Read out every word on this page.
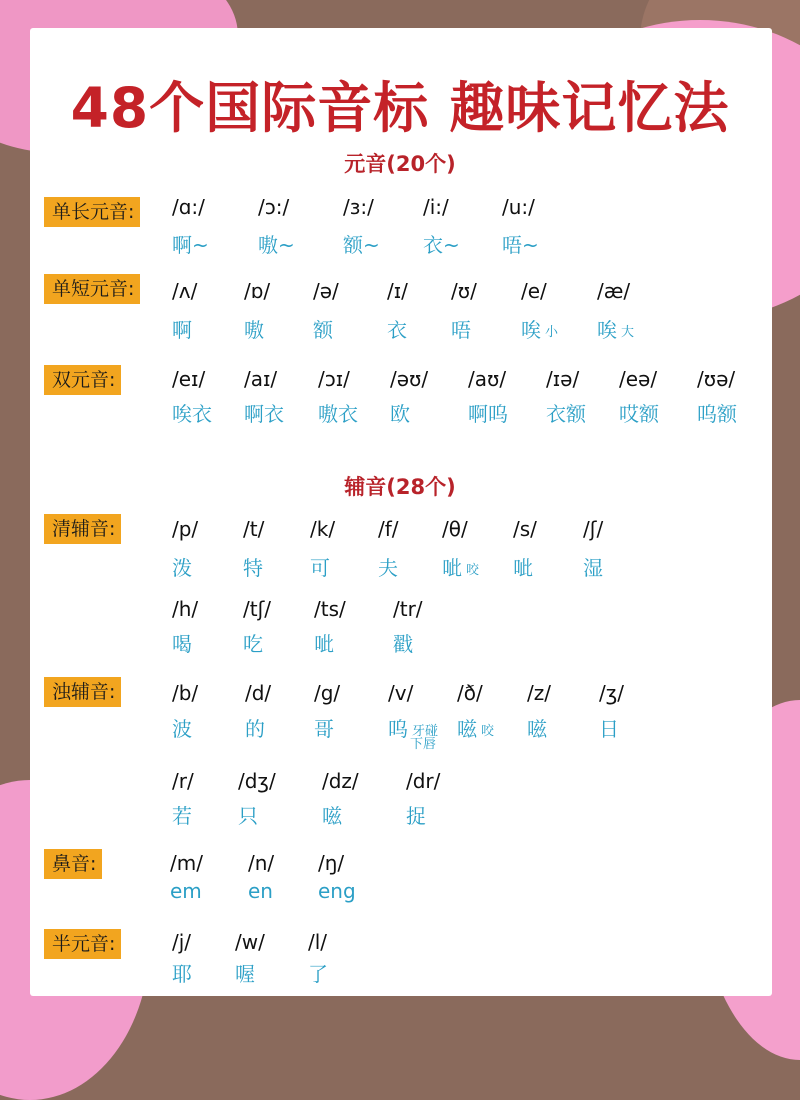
48个国际音标 趣味记忆法
元音(20个)
辅音(28个)
单长元音:
单短元音:
双元音:
清辅音:
浊辅音:
鼻音:
半元音:
/ɑ:/
啊~
/ɔ:/
嗷~
/ɜ:/
额~
/i:/
衣~
/u:/
唔~
/ʌ/
啊
/ɒ/
嗷
/ə/
额
/ɪ/
衣
/ʊ/
唔
/e/
唉 小
/æ/
唉 大
/eɪ/
唉衣
/aɪ/
啊衣
/ɔɪ/
嗷衣
/əʊ/
欧
/aʊ/
啊呜
/ɪə/
衣额
/eə/
哎额
/ʊə/
呜额
/p/
泼
/t/
特
/k/
可
/f/
夫
/θ/
呲 咬
/s/
呲
/ʃ/
湿
/h/
喝
/tʃ/
吃
/ts/
呲
/tr/
戳
/b/
波
/d/
的
/g/
哥
/v/
呜 牙碰
下唇
/ð/
嗞 咬
/z/
嗞
/ʒ/
日
/r/
若
/dʒ/
只
/dz/
嗞
/dr/
捉
/m/
em
/n/
en
/ŋ/
eng
/j/
耶
/w/
喔
/l/
了
